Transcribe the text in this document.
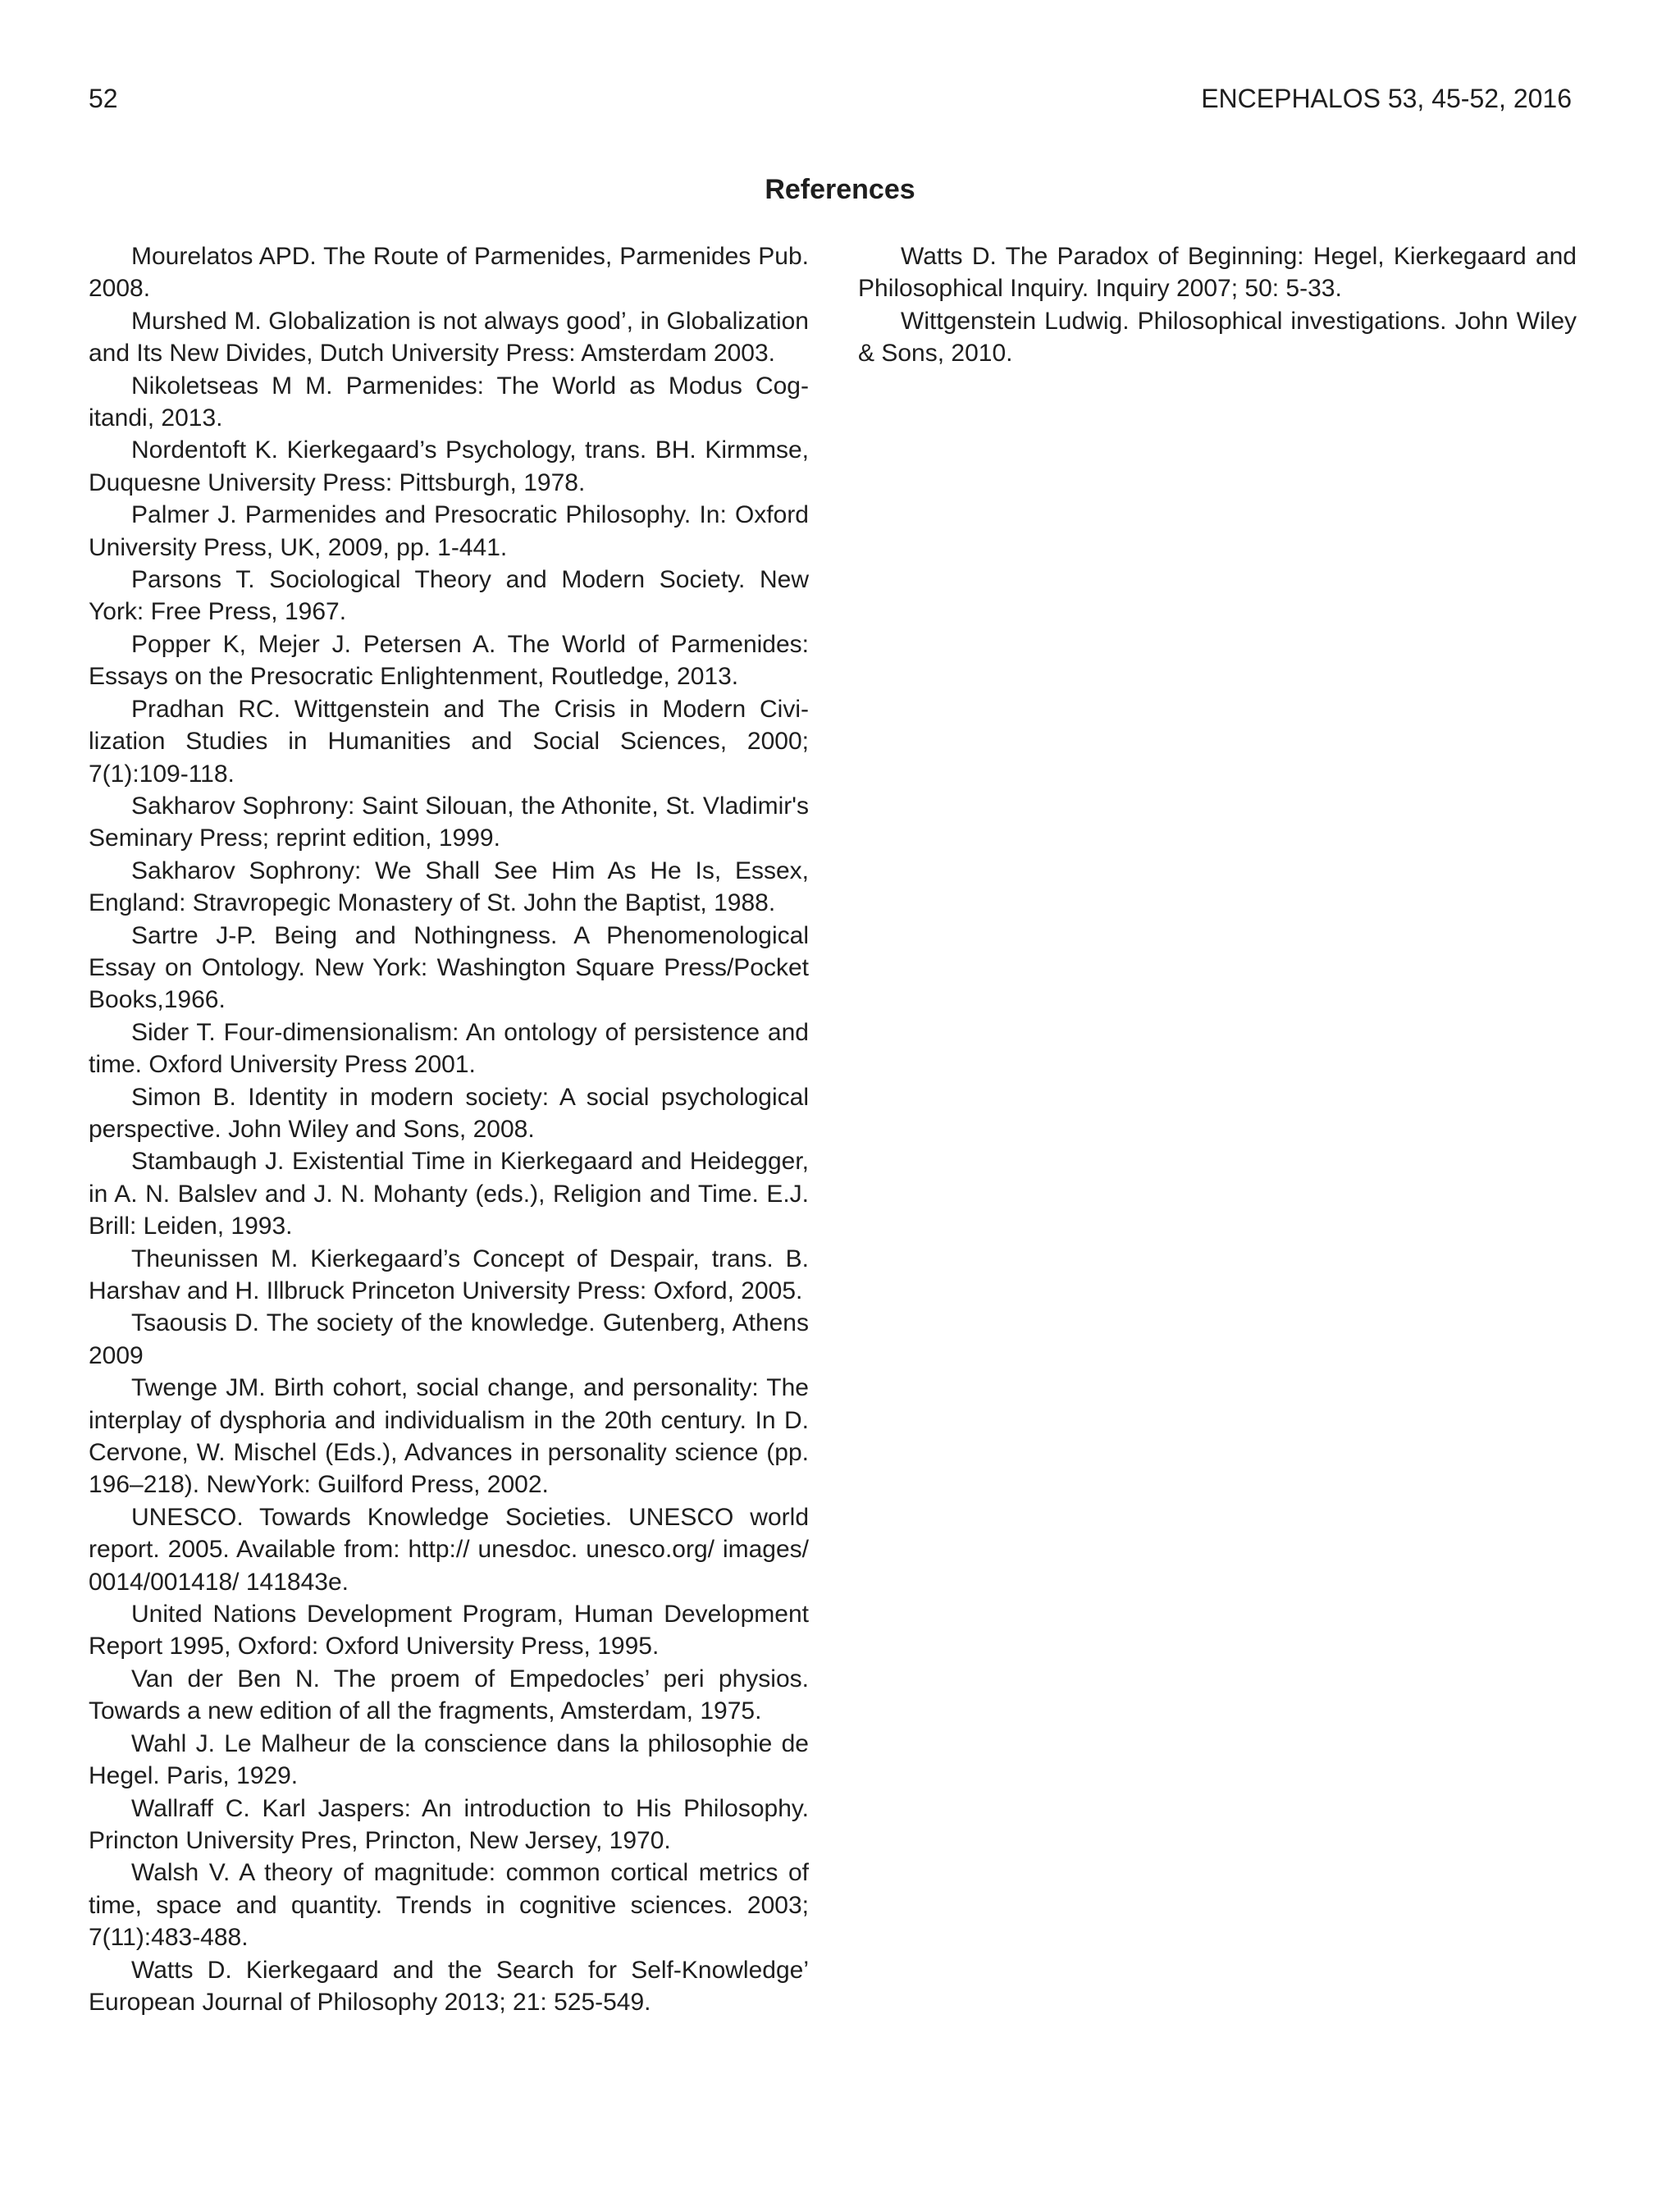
52	ENCEPHALOS 53, 45-52, 2016
References

Mourelatos APD. The Route of Parmenides, Parmenides Pub. 2008.

Murshed M. Globalization is not always good’, in Globalization and Its New Divides, Dutch University Press: Amsterdam 2003.

Nikoletseas M M. Parmenides: The World as Modus Cogitandi, 2013.

Nordentoft K. Kierkegaard’s Psychology, trans. BH. Kirmmse, Duquesne University Press: Pittsburgh, 1978.

Palmer J. Parmenides and Presocratic Philosophy. In: Oxford University Press, UK, 2009, pp. 1-441.

Parsons T. Sociological Theory and Modern Society. New York: Free Press, 1967.

Popper K, Mejer J. Petersen A. The World of Parmenides: Essays on the Presocratic Enlightenment, Routledge, 2013.

Pradhan RC. Wittgenstein and The Crisis in Modern Civilization Studies in Humanities and Social Sciences, 2000; 7(1):109-118.

Sakharov Sophrony: Saint Silouan, the Athonite, St. Vladimir's Seminary Press; reprint edition, 1999.

Sakharov Sophrony: We Shall See Him As He Is, Essex, England: Stravropegic Monastery of St. John the Baptist, 1988.

Sartre J-P. Being and Nothingness. A Phenomenological Essay on Ontology. New York: Washington Square Press/Pocket Books,1966.

Sider T. Four-dimensionalism: An ontology of persistence and time. Oxford University Press 2001.

Simon B. Identity in modern society: A social psychological perspective. John Wiley and Sons, 2008.

Stambaugh J. Existential Time in Kierkegaard and Heidegger, in A. N. Balslev and J. N. Mohanty (eds.), Religion and Time. E.J. Brill: Leiden, 1993.

Theunissen M. Kierkegaard’s Concept of Despair, trans. B. Harshav and H. Illbruck Princeton University Press: Oxford, 2005.

Tsaousis D. The society of the knowledge. Gutenberg, Athens 2009

Twenge JM. Birth cohort, social change, and personality: The interplay of dysphoria and individualism in the 20th century. In D. Cervone, W. Mischel (Eds.), Advances in personality science (pp. 196–218). NewYork: Guilford Press, 2002.

UNESCO. Towards Knowledge Societies. UNESCO world report. 2005. Available from: http:// unesdoc. unesco.org/ images/ 0014/001418/ 141843e.

United Nations Development Program, Human Development Report 1995, Oxford: Oxford University Press, 1995.

Van der Ben N. The proem of Empedocles’ peri physios. Towards a new edition of all the fragments, Amsterdam, 1975.

Wahl J. Le Malheur de la conscience dans la philosophie de Hegel. Paris, 1929.

Wallraff C. Karl Jaspers: An introduction to His Philosophy. Princton University Pres, Princton, New Jersey, 1970.

Walsh V. A theory of magnitude: common cortical metrics of time, space and quantity. Trends in cognitive sciences. 2003; 7(11):483-488.

Watts D. Kierkegaard and the Search for Self-Knowledge’ European Journal of Philosophy 2013; 21: 525-549.

Watts D. The Paradox of Beginning: Hegel, Kierkegaard and Philosophical Inquiry. Inquiry 2007; 50: 5-33.

Wittgenstein Ludwig. Philosophical investigations. John Wiley & Sons, 2010.
